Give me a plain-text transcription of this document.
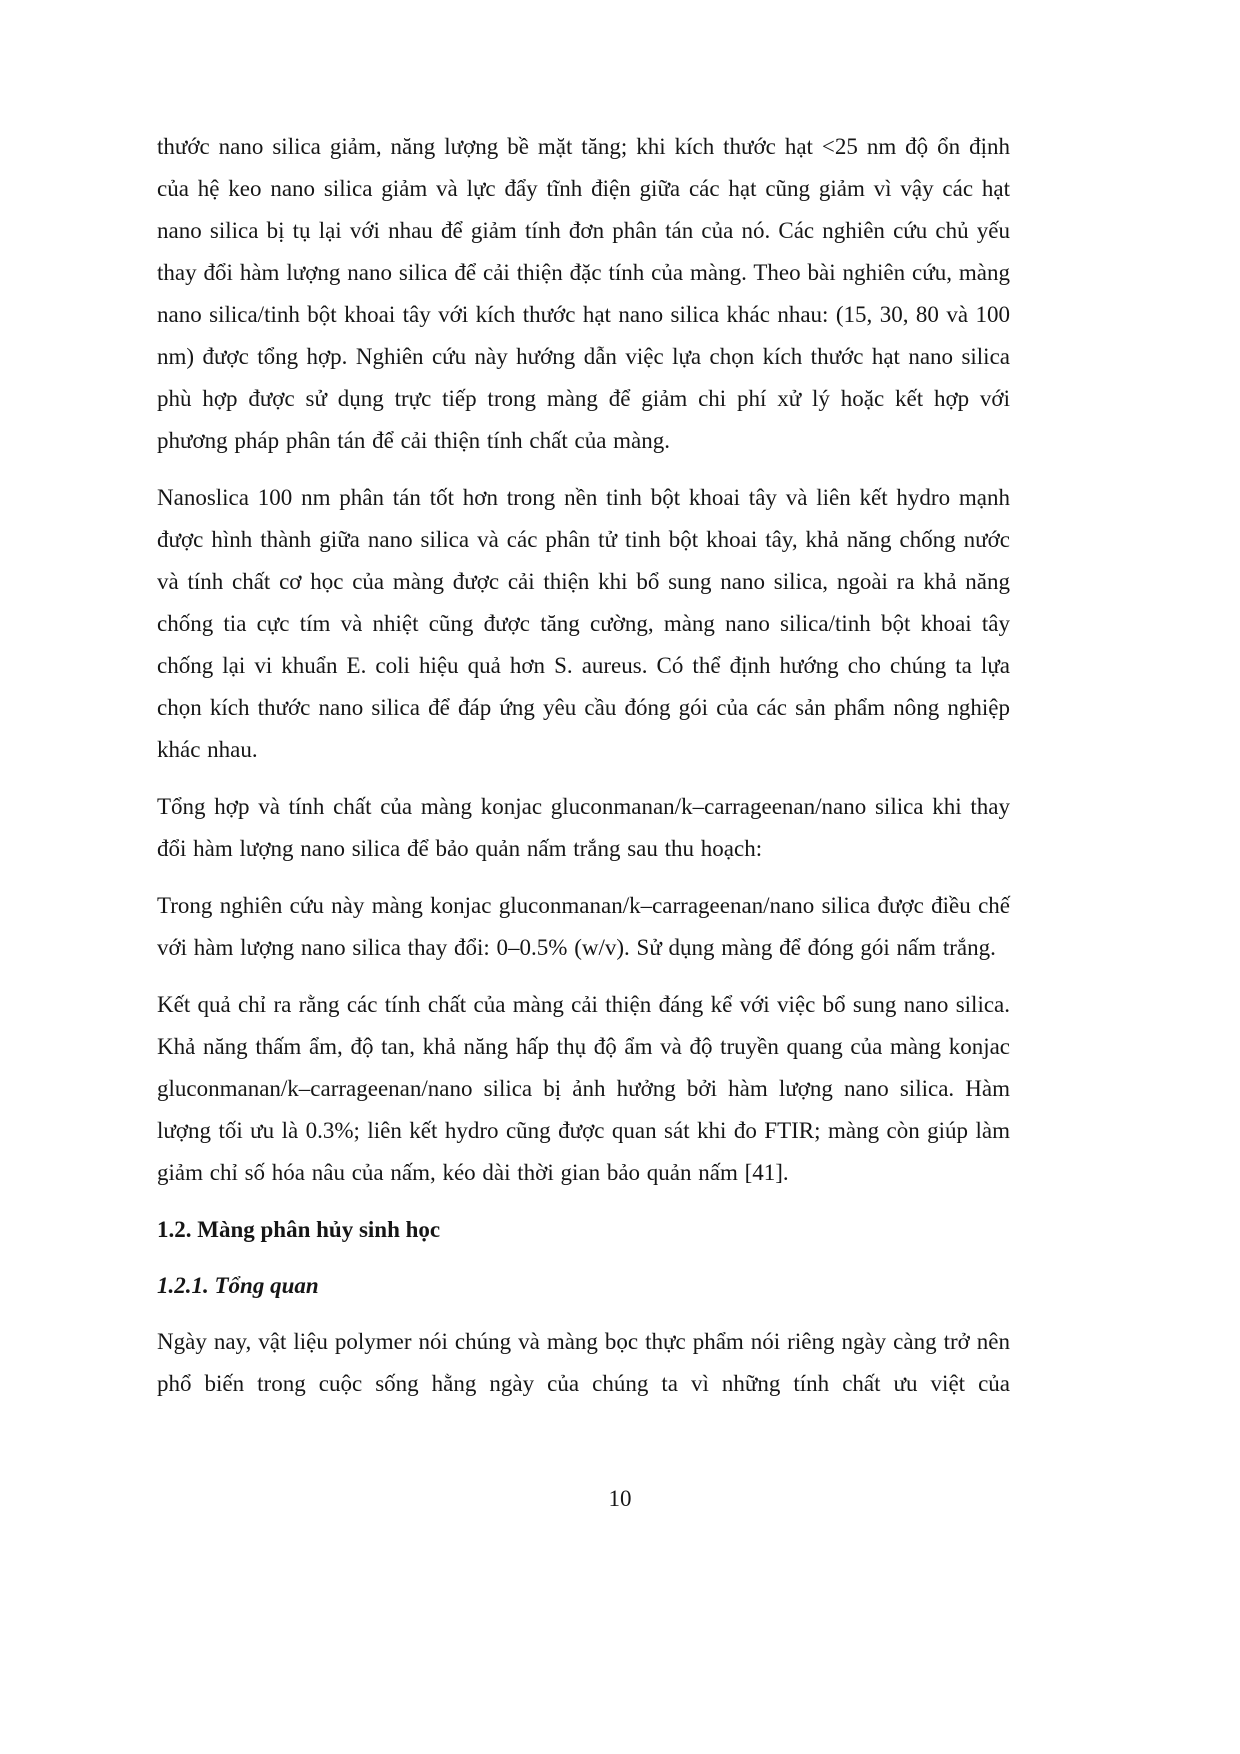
thước nano silica giảm, năng lượng bề mặt tăng; khi kích thước hạt <25 nm độ ổn định của hệ keo nano silica giảm và lực đẩy tĩnh điện giữa các hạt cũng giảm vì vậy các hạt nano silica bị tụ lại với nhau để giảm tính đơn phân tán của nó. Các nghiên cứu chủ yếu thay đổi hàm lượng nano silica để cải thiện đặc tính của màng. Theo bài nghiên cứu, màng nano silica/tinh bột khoai tây với kích thước hạt nano silica khác nhau: (15, 30, 80 và 100 nm) được tổng hợp. Nghiên cứu này hướng dẫn việc lựa chọn kích thước hạt nano silica phù hợp được sử dụng trực tiếp trong màng để giảm chi phí xử lý hoặc kết hợp với phương pháp phân tán để cải thiện tính chất của màng.

Nanoslica 100 nm phân tán tốt hơn trong nền tinh bột khoai tây và liên kết hydro mạnh được hình thành giữa nano silica và các phân tử tinh bột khoai tây, khả năng chống nước và tính chất cơ học của màng được cải thiện khi bổ sung nano silica, ngoài ra khả năng chống tia cực tím và nhiệt cũng được tăng cường, màng nano silica/tinh bột khoai tây chống lại vi khuẩn E. coli hiệu quả hơn S. aureus. Có thể định hướng cho chúng ta lựa chọn kích thước nano silica để đáp ứng yêu cầu đóng gói của các sản phẩm nông nghiệp khác nhau.

Tổng hợp và tính chất của màng konjac gluconmanan/k–carrageenan/nano silica khi thay đổi hàm lượng nano silica để bảo quản nấm trắng sau thu hoạch:

Trong nghiên cứu này màng konjac gluconmanan/k–carrageenan/nano silica được điều chế với hàm lượng nano silica thay đổi: 0–0.5% (w/v). Sử dụng màng để đóng gói nấm trắng.

Kết quả chỉ ra rằng các tính chất của màng cải thiện đáng kể với việc bổ sung nano silica. Khả năng thấm ẩm, độ tan, khả năng hấp thụ độ ẩm và độ truyền quang của màng konjac gluconmanan/k–carrageenan/nano silica bị ảnh hưởng bởi hàm lượng nano silica. Hàm lượng tối ưu là 0.3%; liên kết hydro cũng được quan sát khi đo FTIR; màng còn giúp làm giảm chỉ số hóa nâu của nấm, kéo dài thời gian bảo quản nấm [41].

1.2. Màng phân hủy sinh học
1.2.1. Tổng quan

Ngày nay, vật liệu polymer nói chúng và màng bọc thực phẩm nói riêng ngày càng trở nên phổ biến trong cuộc sống hằng ngày của chúng ta vì những tính chất ưu việt của

10
